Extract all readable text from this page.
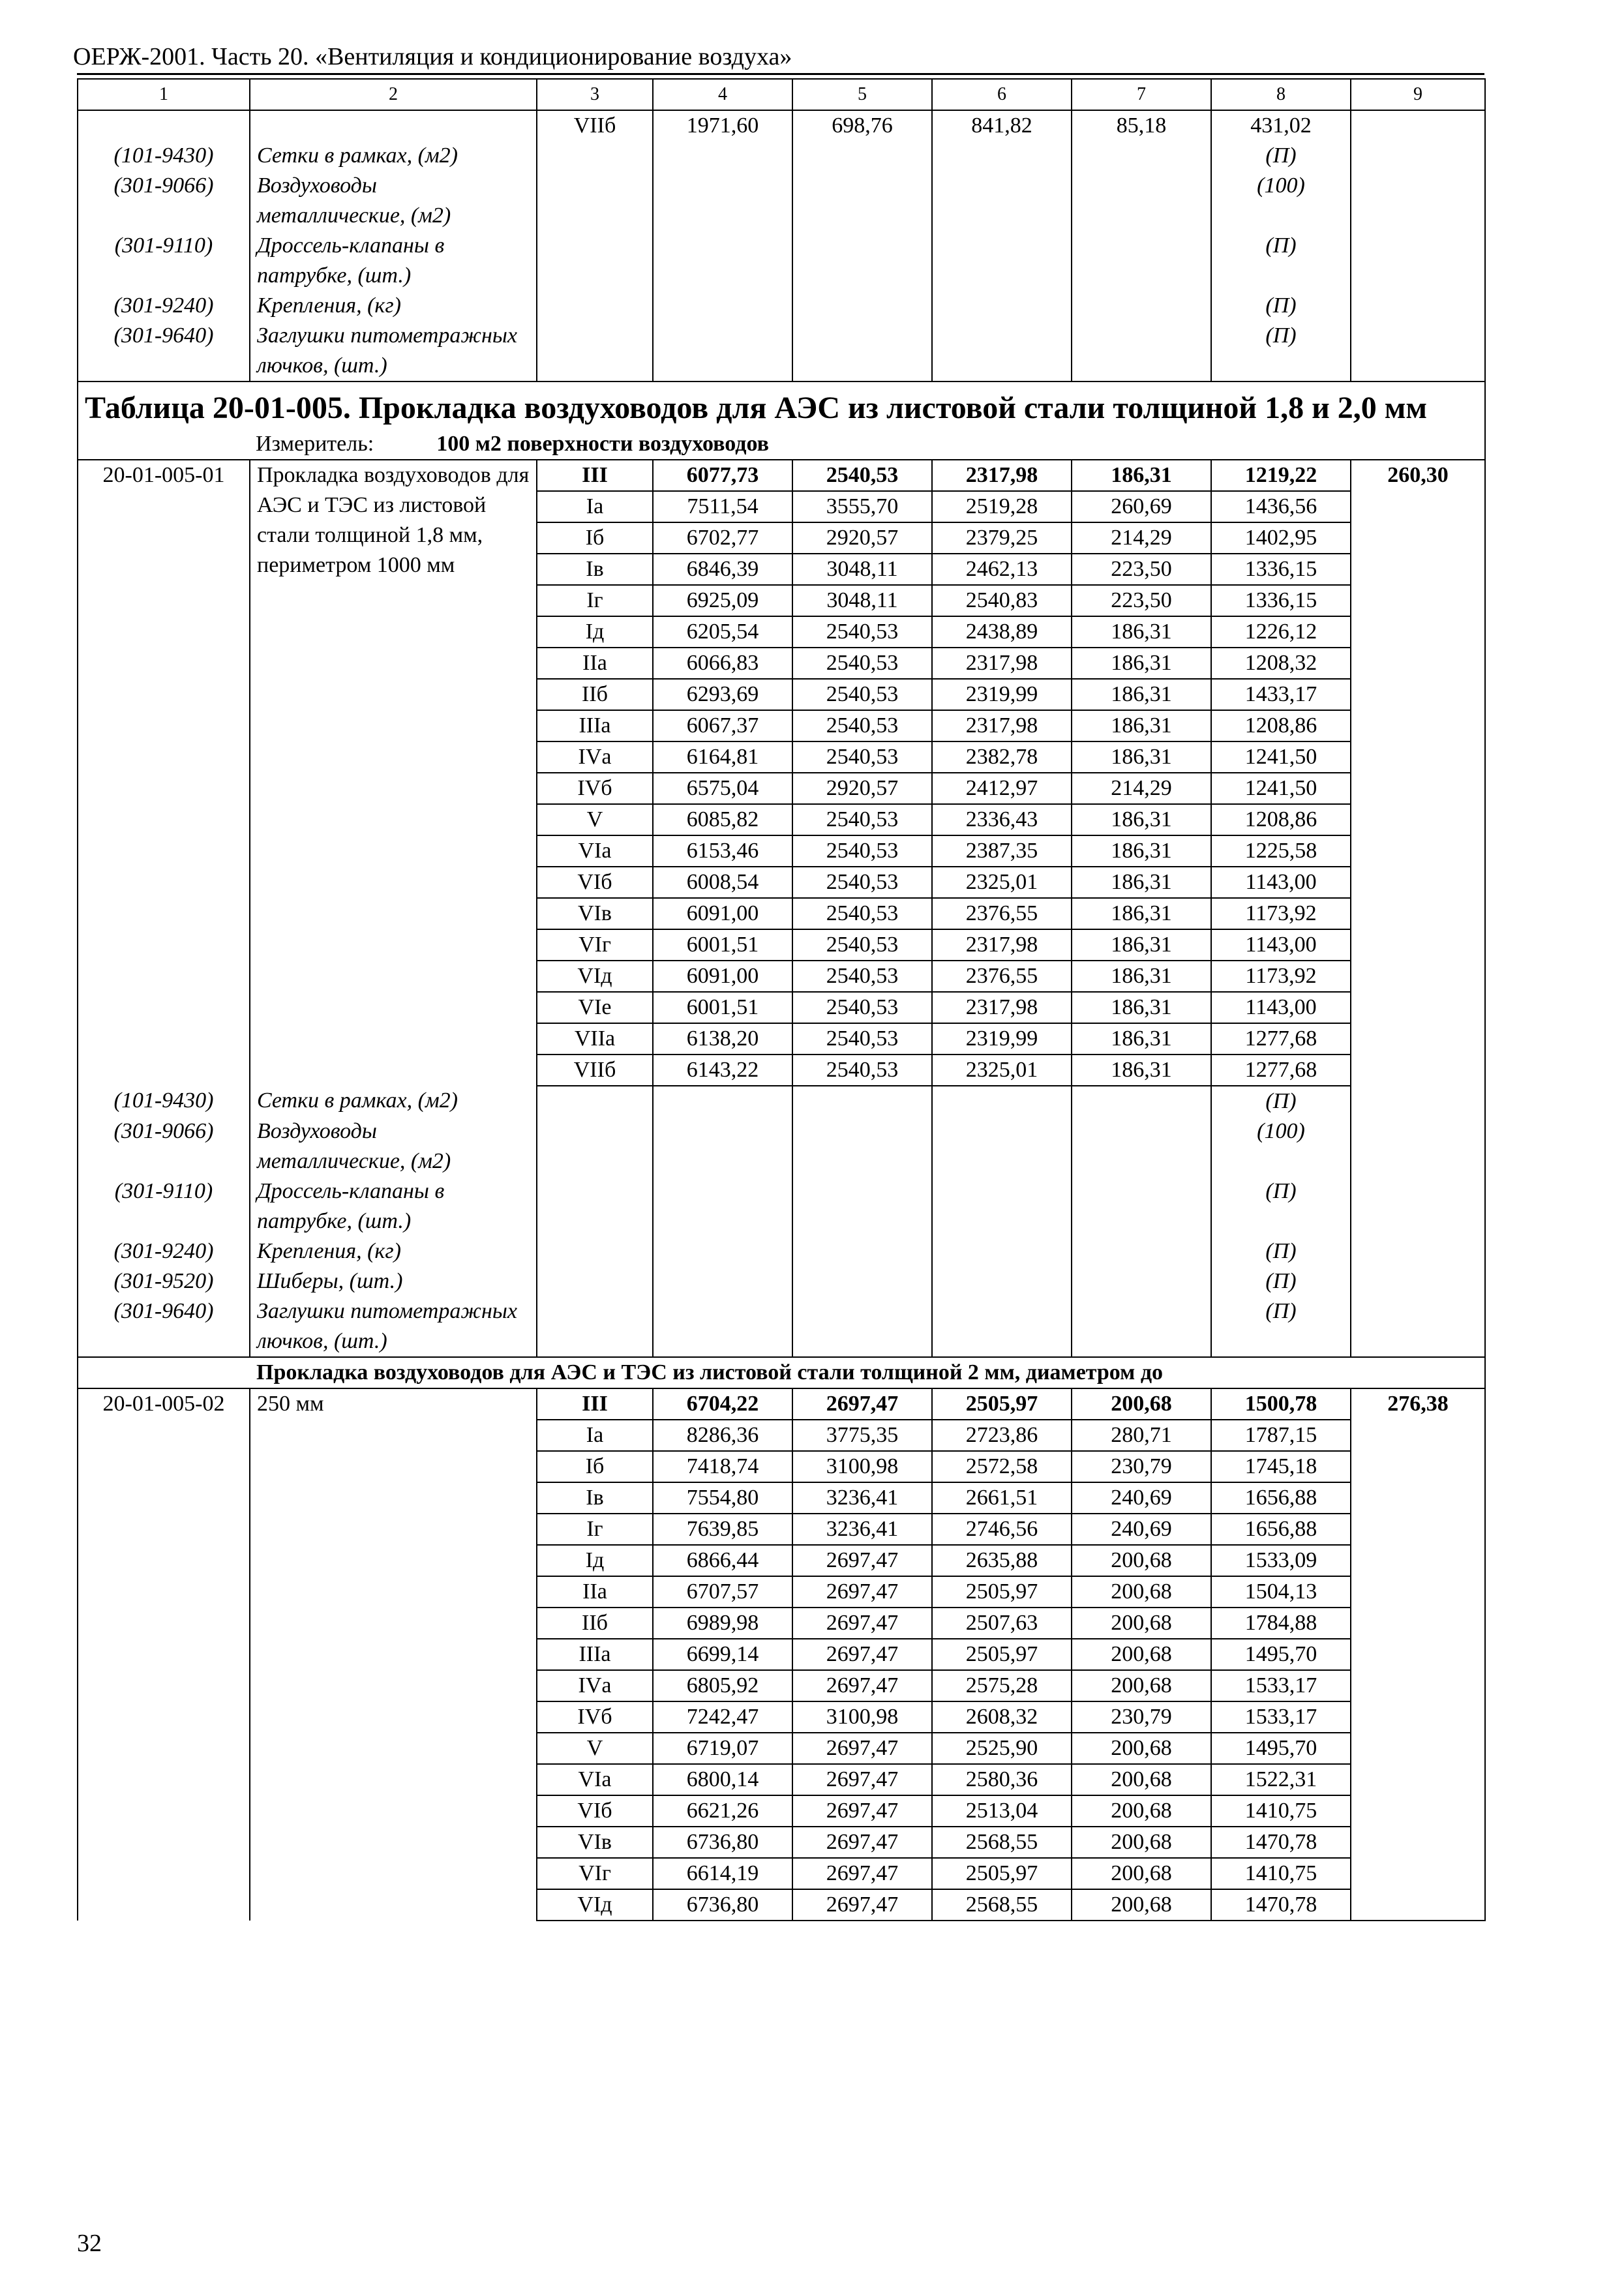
ОЕРЖ-2001. Часть 20. «Вентиляция и кондиционирование воздуха»
1	2	3	4	5	6	7	8	9
		VIIб	1971,60	698,76	841,82	85,18	431,02	
(101-9430)	Сетки в рамках, (м2)						(П)	
(301-9066)	Воздуховоды металлические, (м2)						(100)	
(301-9110)	Дроссель-клапаны в патрубке, (шт.)						(П)	
(301-9240)	Крепления, (кг)						(П)	
(301-9640)	Заглушки питометражных лючков, (шт.)						(П)	
Таблица 20-01-005. Прокладка воздуховодов для АЭС из листовой стали толщиной 1,8 и 2,0 мм								
Измеритель: 100 м2 поверхности воздуховодов								
20-01-005-01	Прокладка воздуховодов для АЭС и ТЭС из листовой стали толщиной 1,8 мм, периметром 1000 мм	III	6077,73	2540,53	2317,98	186,31	1219,22	260,30
		Iа	7511,54	3555,70	2519,28	260,69	1436,56	
		Iб	6702,77	2920,57	2379,25	214,29	1402,95	
		Iв	6846,39	3048,11	2462,13	223,50	1336,15	
		Iг	6925,09	3048,11	2540,83	223,50	1336,15	
		Iд	6205,54	2540,53	2438,89	186,31	1226,12	
		IIа	6066,83	2540,53	2317,98	186,31	1208,32	
		IIб	6293,69	2540,53	2319,99	186,31	1433,17	
		IIIа	6067,37	2540,53	2317,98	186,31	1208,86	
		IVа	6164,81	2540,53	2382,78	186,31	1241,50	
		IVб	6575,04	2920,57	2412,97	214,29	1241,50	
		V	6085,82	2540,53	2336,43	186,31	1208,86	
		VIа	6153,46	2540,53	2387,35	186,31	1225,58	
		VIб	6008,54	2540,53	2325,01	186,31	1143,00	
		VIв	6091,00	2540,53	2376,55	186,31	1173,92	
		VIг	6001,51	2540,53	2317,98	186,31	1143,00	
		VIд	6091,00	2540,53	2376,55	186,31	1173,92	
		VIе	6001,51	2540,53	2317,98	186,31	1143,00	
		VIIа	6138,20	2540,53	2319,99	186,31	1277,68	
		VIIб	6143,22	2540,53	2325,01	186,31	1277,68	
(101-9430)	Сетки в рамках, (м2)						(П)	
(301-9066)	Воздуховоды металлические, (м2)						(100)	
(301-9110)	Дроссель-клапаны в патрубке, (шт.)						(П)	
(301-9240)	Крепления, (кг)						(П)	
(301-9520)	Шиберы, (шт.)						(П)	
(301-9640)	Заглушки питометражных лючков, (шт.)						(П)	
	Прокладка воздуховодов для АЭС и ТЭС из листовой стали толщиной 2 мм, диаметром до							
20-01-005-02	250 мм	III	6704,22	2697,47	2505,97	200,68	1500,78	276,38
		Iа	8286,36	3775,35	2723,86	280,71	1787,15	
		Iб	7418,74	3100,98	2572,58	230,79	1745,18	
		Iв	7554,80	3236,41	2661,51	240,69	1656,88	
		Iг	7639,85	3236,41	2746,56	240,69	1656,88	
		Iд	6866,44	2697,47	2635,88	200,68	1533,09	
		IIа	6707,57	2697,47	2505,97	200,68	1504,13	
		IIб	6989,98	2697,47	2507,63	200,68	1784,88	
		IIIа	6699,14	2697,47	2505,97	200,68	1495,70	
		IVа	6805,92	2697,47	2575,28	200,68	1533,17	
		IVб	7242,47	3100,98	2608,32	230,79	1533,17	
		V	6719,07	2697,47	2525,90	200,68	1495,70	
		VIа	6800,14	2697,47	2580,36	200,68	1522,31	
		VIб	6621,26	2697,47	2513,04	200,68	1410,75	
		VIв	6736,80	2697,47	2568,55	200,68	1470,78	
		VIг	6614,19	2697,47	2505,97	200,68	1410,75	
		VIд	6736,80	2697,47	2568,55	200,68	1470,78	
32
